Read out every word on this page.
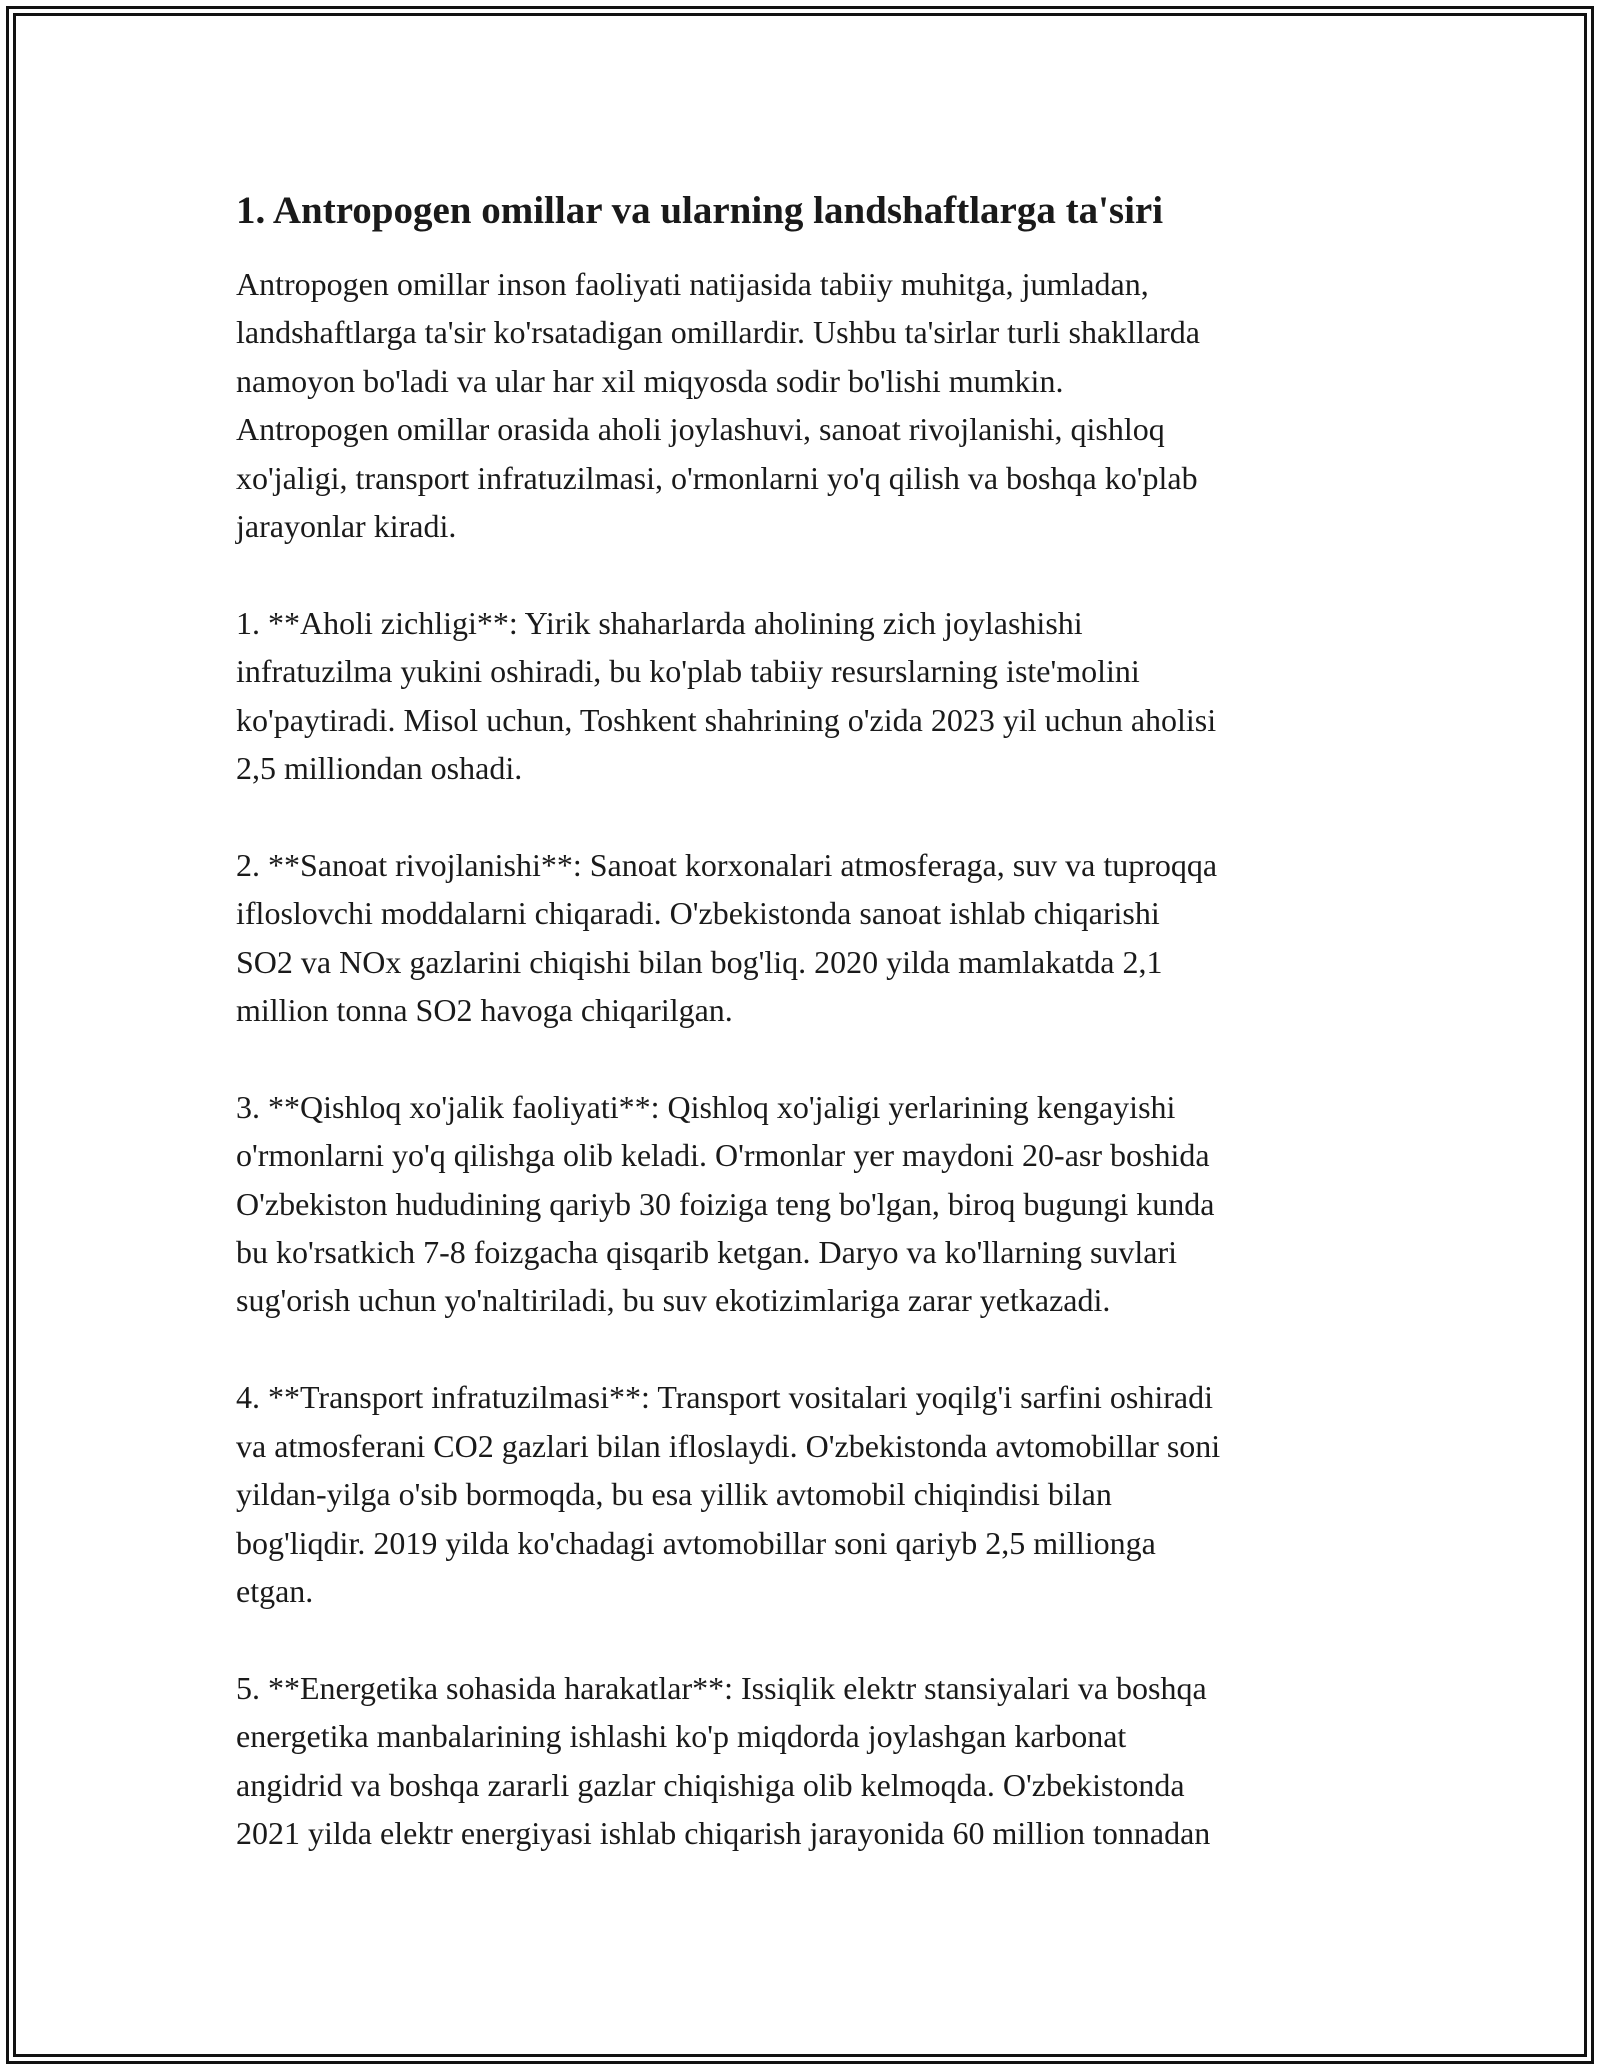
1. Antropogen omillar va ularning landshaftlarga ta'siri

Antropogen omillar inson faoliyati natijasida tabiiy muhitga, jumladan,
landshaftlarga ta'sir ko'rsatadigan omillardir. Ushbu ta'sirlar turli shakllarda
namoyon bo'ladi va ular har xil miqyosda sodir bo'lishi mumkin.
Antropogen omillar orasida aholi joylashuvi, sanoat rivojlanishi, qishloq
xo'jaligi, transport infratuzilmasi, o'rmonlarni yo'q qilish va boshqa ko'plab
jarayonlar kiradi.

1. **Aholi zichligi**: Yirik shaharlarda aholining zich joylashishi
infratuzilma yukini oshiradi, bu ko'plab tabiiy resurslarning iste'molini
ko'paytiradi. Misol uchun, Toshkent shahrining o'zida 2023 yil uchun aholisi
2,5 milliondan oshadi.

2. **Sanoat rivojlanishi**: Sanoat korxonalari atmosferaga, suv va tuproqqa
ifloslovchi moddalarni chiqaradi. O'zbekistonda sanoat ishlab chiqarishi
SO2 va NOx gazlarini chiqishi bilan bog'liq. 2020 yilda mamlakatda 2,1
million tonna SO2 havoga chiqarilgan.

3. **Qishloq xo'jalik faoliyati**: Qishloq xo'jaligi yerlarining kengayishi
o'rmonlarni yo'q qilishga olib keladi. O'rmonlar yer maydoni 20-asr boshida
O'zbekiston hududining qariyb 30 foiziga teng bo'lgan, biroq bugungi kunda
bu ko'rsatkich 7-8 foizgacha qisqarib ketgan. Daryo va ko'llarning suvlari
sug'orish uchun yo'naltiriladi, bu suv ekotizimlariga zarar yetkazadi.

4. **Transport infratuzilmasi**: Transport vositalari yoqilg'i sarfini oshiradi
va atmosferani CO2 gazlari bilan ifloslaydi. O'zbekistonda avtomobillar soni
yildan-yilga o'sib bormoqda, bu esa yillik avtomobil chiqindisi bilan
bog'liqdir. 2019 yilda ko'chadagi avtomobillar soni qariyb 2,5 millionga
etgan.

5. **Energetika sohasida harakatlar**: Issiqlik elektr stansiyalari va boshqa
energetika manbalarining ishlashi ko'p miqdorda joylashgan karbonat
angidrid va boshqa zararli gazlar chiqishiga olib kelmoqda. O'zbekistonda
2021 yilda elektr energiyasi ishlab chiqarish jarayonida 60 million tonnadan
